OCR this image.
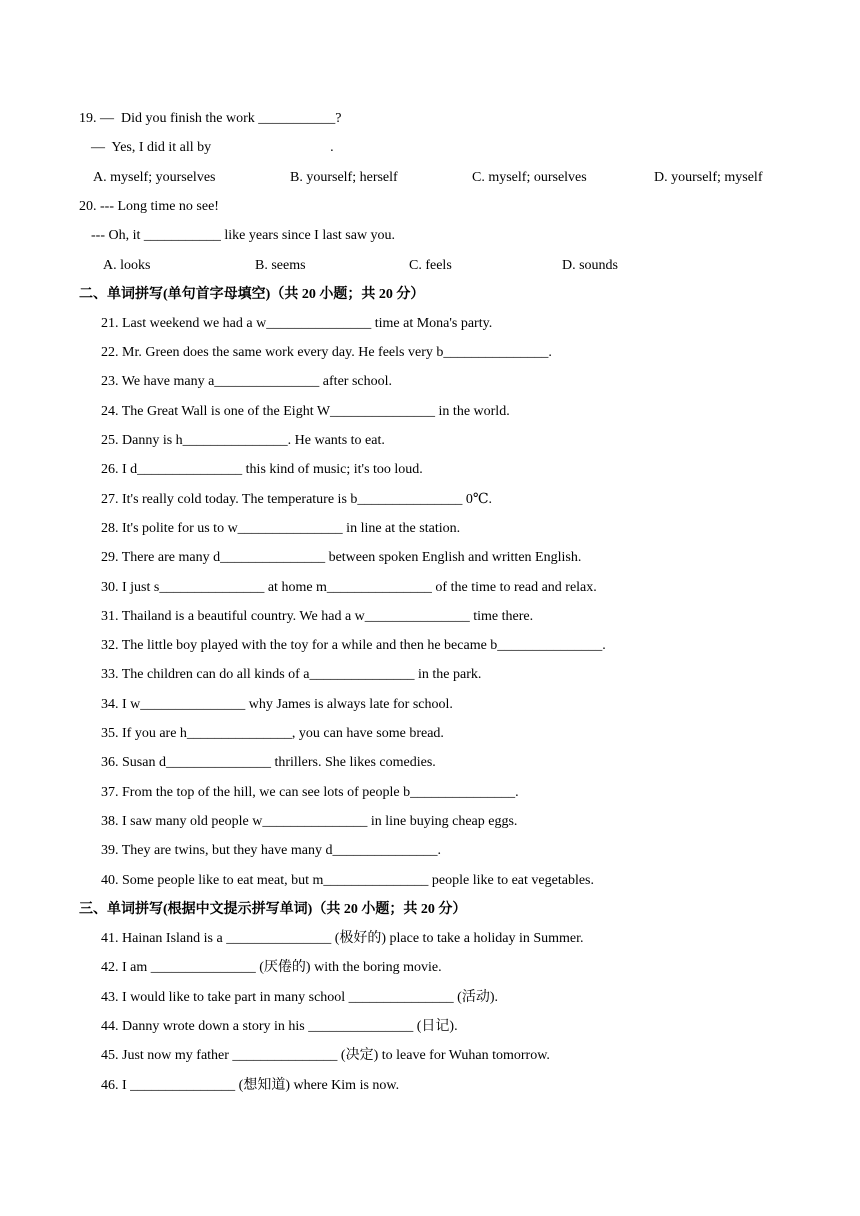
19. —  Did you finish the work ___________?
—  Yes, I did it all by                                  .
A. myself; yourselves	B. yourself; herself	C. myself; ourselves	D. yourself; myself
20. --- Long time no see!
--- Oh, it ___________ like years since I last saw you.
A. looks	B. seems	C. feels	D. sounds
二、单词拼写(单句首字母填空)（共 20 小题；共 20 分）
21. Last weekend we had a w_______________ time at Mona's party.
22. Mr. Green does the same work every day. He feels very b_______________.
23. We have many a_______________ after school.
24. The Great Wall is one of the Eight W_______________ in the world.
25. Danny is h_______________. He wants to eat.
26. I d_______________ this kind of music; it's too loud.
27. It's really cold today. The temperature is b_______________ 0℃.
28. It's polite for us to w_______________ in line at the station.
29. There are many d_______________ between spoken English and written English.
30. I just s_______________ at home m_______________ of the time to read and relax.
31. Thailand is a beautiful country. We had a w_______________ time there.
32. The little boy played with the toy for a while and then he became b_______________.
33. The children can do all kinds of a_______________ in the park.
34. I w_______________ why James is always late for school.
35. If you are h_______________, you can have some bread.
36. Susan d_______________ thrillers. She likes comedies.
37. From the top of the hill, we can see lots of people b_______________.
38. I saw many old people w_______________ in line buying cheap eggs.
39. They are twins, but they have many d_______________.
40. Some people like to eat meat, but m_______________ people like to eat vegetables.
三、单词拼写(根据中文提示拼写单词)（共 20 小题；共 20 分）
41. Hainan Island is a _______________ (极好的) place to take a holiday in Summer.
42. I am _______________ (厌倦的) with the boring movie.
43. I would like to take part in many school _______________ (活动).
44. Danny wrote down a story in his _______________ (日记).
45. Just now my father _______________ (决定) to leave for Wuhan tomorrow.
46. I _______________ (想知道) where Kim is now.
